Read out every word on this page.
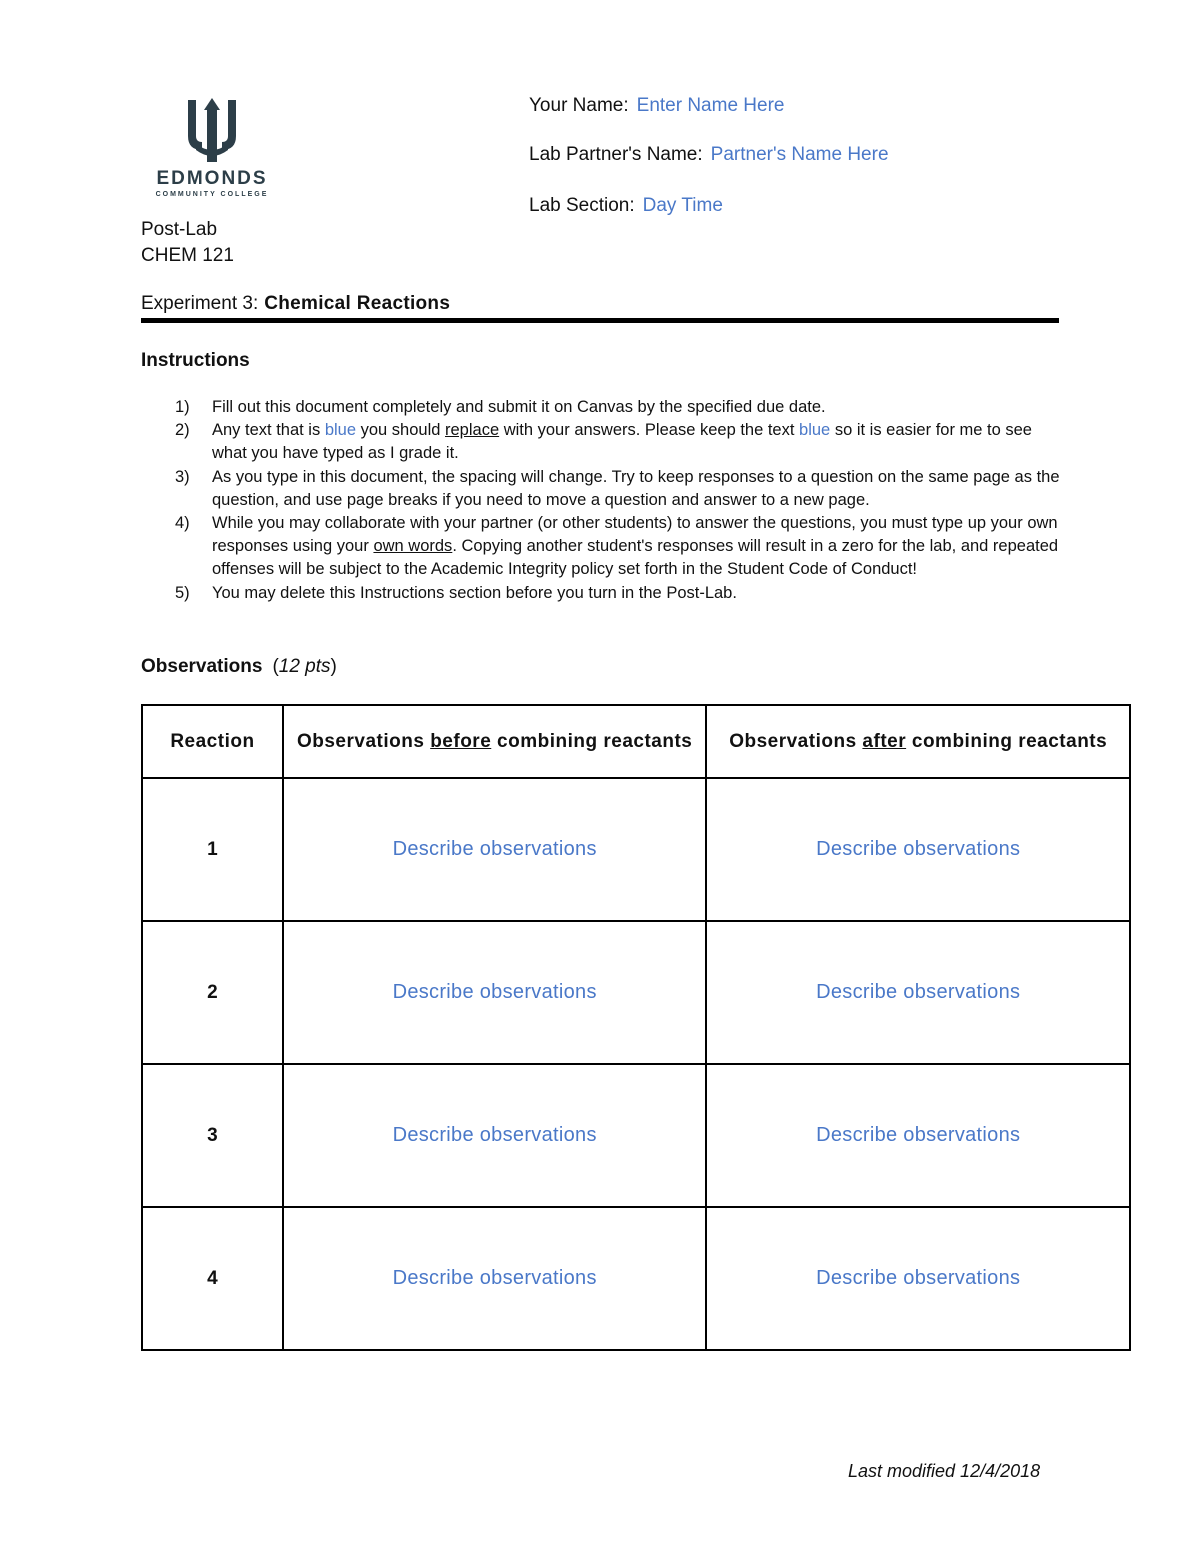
EDMONDS
COMMUNITY COLLEGE
Post-Lab
CHEM 121
Your Name: Enter Name Here
Lab Partner's Name: Partner's Name Here
Lab Section: Day Time
Experiment 3: Chemical Reactions
Instructions
1) Fill out this document completely and submit it on Canvas by the specified due date.
2) Any text that is blue you should replace with your answers. Please keep the text blue so it is easier for me to see what you have typed as I grade it.
3) As you type in this document, the spacing will change. Try to keep responses to a question on the same page as the question, and use page breaks if you need to move a question and answer to a new page.
4) While you may collaborate with your partner (or other students) to answer the questions, you must type up your own responses using your own words. Copying another student's responses will result in a zero for the lab, and repeated offenses will be subject to the Academic Integrity policy set forth in the Student Code of Conduct!
5) You may delete this Instructions section before you turn in the Post-Lab.
Observations (12 pts)
Reaction	Observations before combining reactants	Observations after combining reactants
1	Describe observations	Describe observations
2	Describe observations	Describe observations
3	Describe observations	Describe observations
4	Describe observations	Describe observations
Last modified 12/4/2018
